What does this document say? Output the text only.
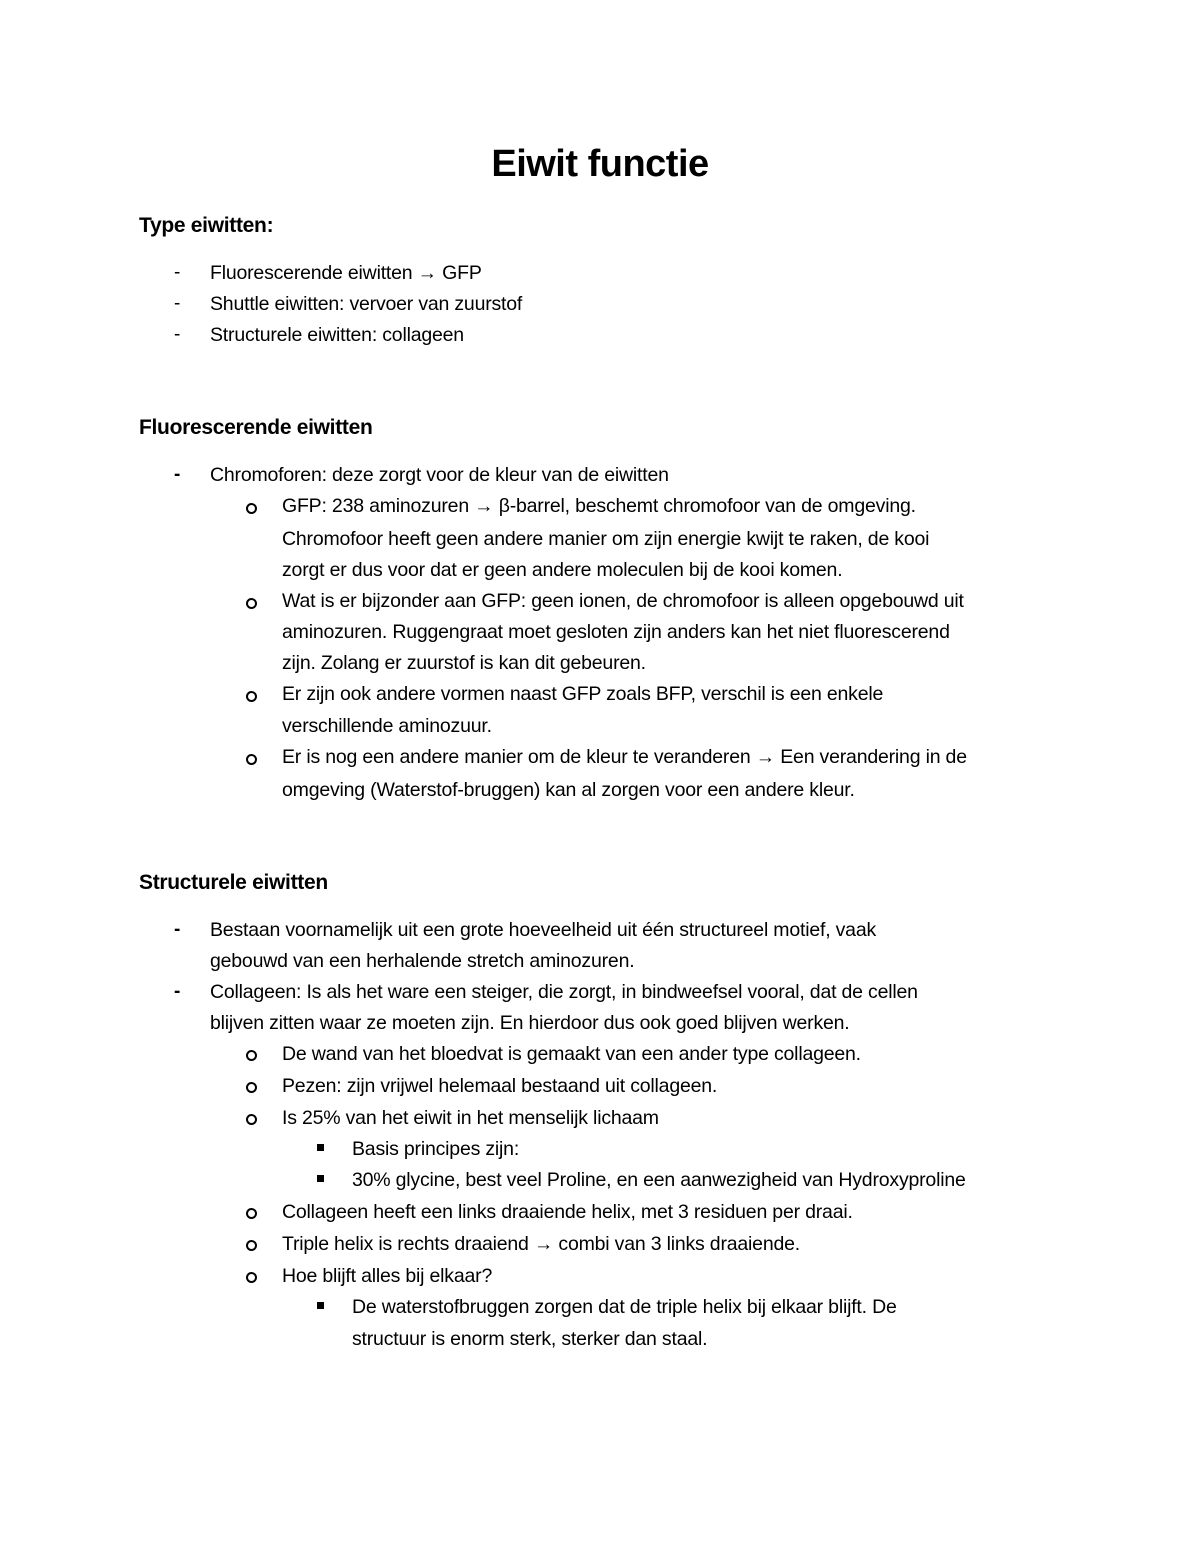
Eiwit functie
Type eiwitten:
- Fluorescerende eiwitten → GFP
- Shuttle eiwitten: vervoer van zuurstof
- Structurele eiwitten: collageen
Fluorescerende eiwitten
- Chromoforen: deze zorgt voor de kleur van de eiwitten
GFP: 238 aminozuren → β-barrel, beschemt chromofoor van de omgeving.
Chromofoor heeft geen andere manier om zijn energie kwijt te raken, de kooi
zorgt er dus voor dat er geen andere moleculen bij de kooi komen.
Wat is er bijzonder aan GFP: geen ionen, de chromofoor is alleen opgebouwd uit
aminozuren. Ruggengraat moet gesloten zijn anders kan het niet fluorescerend
zijn. Zolang er zuurstof is kan dit gebeuren.
Er zijn ook andere vormen naast GFP zoals BFP, verschil is een enkele
verschillende aminozuur.
Er is nog een andere manier om de kleur te veranderen → Een verandering in de
omgeving (Waterstof-bruggen) kan al zorgen voor een andere kleur.
Structurele eiwitten
- Bestaan voornamelijk uit een grote hoeveelheid uit één structureel motief, vaak
gebouwd van een herhalende stretch aminozuren.
- Collageen: Is als het ware een steiger, die zorgt, in bindweefsel vooral, dat de cellen
blijven zitten waar ze moeten zijn. En hierdoor dus ook goed blijven werken.
De wand van het bloedvat is gemaakt van een ander type collageen.
Pezen: zijn vrijwel helemaal bestaand uit collageen.
Is 25% van het eiwit in het menselijk lichaam
Basis principes zijn:
30% glycine, best veel Proline, en een aanwezigheid van Hydroxyproline
Collageen heeft een links draaiende helix, met 3 residuen per draai.
Triple helix is rechts draaiend → combi van 3 links draaiende.
Hoe blijft alles bij elkaar?
De waterstofbruggen zorgen dat de triple helix bij elkaar blijft. De
structuur is enorm sterk, sterker dan staal.
